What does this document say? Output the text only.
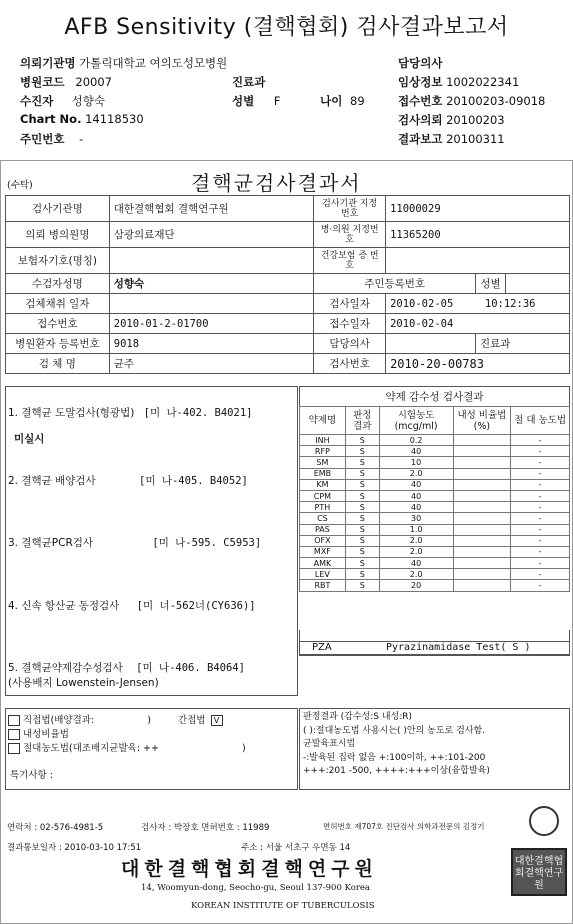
AFB Sensitivity (결핵협회) 검사결과보고서
의뢰기관명 가톨릭대학교 여의도성모병원
병원코드 20007
수진자 성향숙
Chart No. 14118530
주민번호 -
진료과
성별 F	나이 89
담당의사
임상정보 1002022341
접수번호 20100203-09018
검사의뢰 20100203
결과보고 20100311
(수탁)	결핵균검사결과서
검사기관명	대한결핵협회 결핵연구원	검사기관 지정번호	11000029		
의뢰 병의원명	삼광의료재단	병·의원 지정번호	11365200		
보험자기호(명칭)		건강보험 증 번 호			
수검자성명	성향숙	주민등록번호		성별	
검체채취 일자		검사일자	2010-02-05     10:12:36		
접수번호	2010-01-2-01700	접수일자	2010-02-04		
병원환자 등록번호	9018	담당의사		진료과	
검 체 명	균주	검사번호	2010-20-00783		
1. 결핵균 도말검사(형광법) [미 나-402. B4021]
미실시
2. 결핵균 배양검사	[미 나-405. B4052]
3. 결핵균PCR검사	[미 나-595. C5953]
4. 신속 항산균 동정검사 [미 너-562너(CY636)]
5. 결핵균약제감수성검사 [미 나-406. B4064]
(사용배지 Lowenstein-Jensen)
약제 감수성 검사결과
약제명	판정 결과	시험농도 (mcg/ml)	내성 비율법(%)	절 대 농도법
INH	S	0.2		-
RFP	S	40		-
SM	S	10		-
EMB	S	2.0		-
KM	S	40		-
CPM	S	40		-
PTH	S	40		-
CS	S	30		-
PAS	S	1.0		-
OFX	S	2.0		-
MXF	S	2.0		-
AMK	S	40		-
LEV	S	2.0		-
RBT	S	20		-
PZA	Pyrazinamidase Test( S )
직접법(배양결과:	)	간접법 V
내성비율법
절대농도법(대조배지균발육: ++	)
특기사항 :
판정결과 (감수성:S 내성:R)
( ):절대농도법 사용시는( )안의 농도로 검사함.
균발육표시법
-:발육된 집락 없음 +:100이하, ++:101-200
+++:201 -500, ++++:+++이상(융합발육)
연락처 : 02-576-4981-5	검사자 : 박장호 면허번호 : 11989	면허번호 제707호 진단검사 의학과전문의 김정기
결과통보일자 : 2010-03-10 17:51	주소 : 서울 서초구 우면동 14
대한결핵협회결핵연구원
14, Woomyun-dong, Seocho-gu, Seoul 137-900 Korea
KOREAN INSTITUTE OF TUBERCULOSIS
대한결핵협회결핵연구원
